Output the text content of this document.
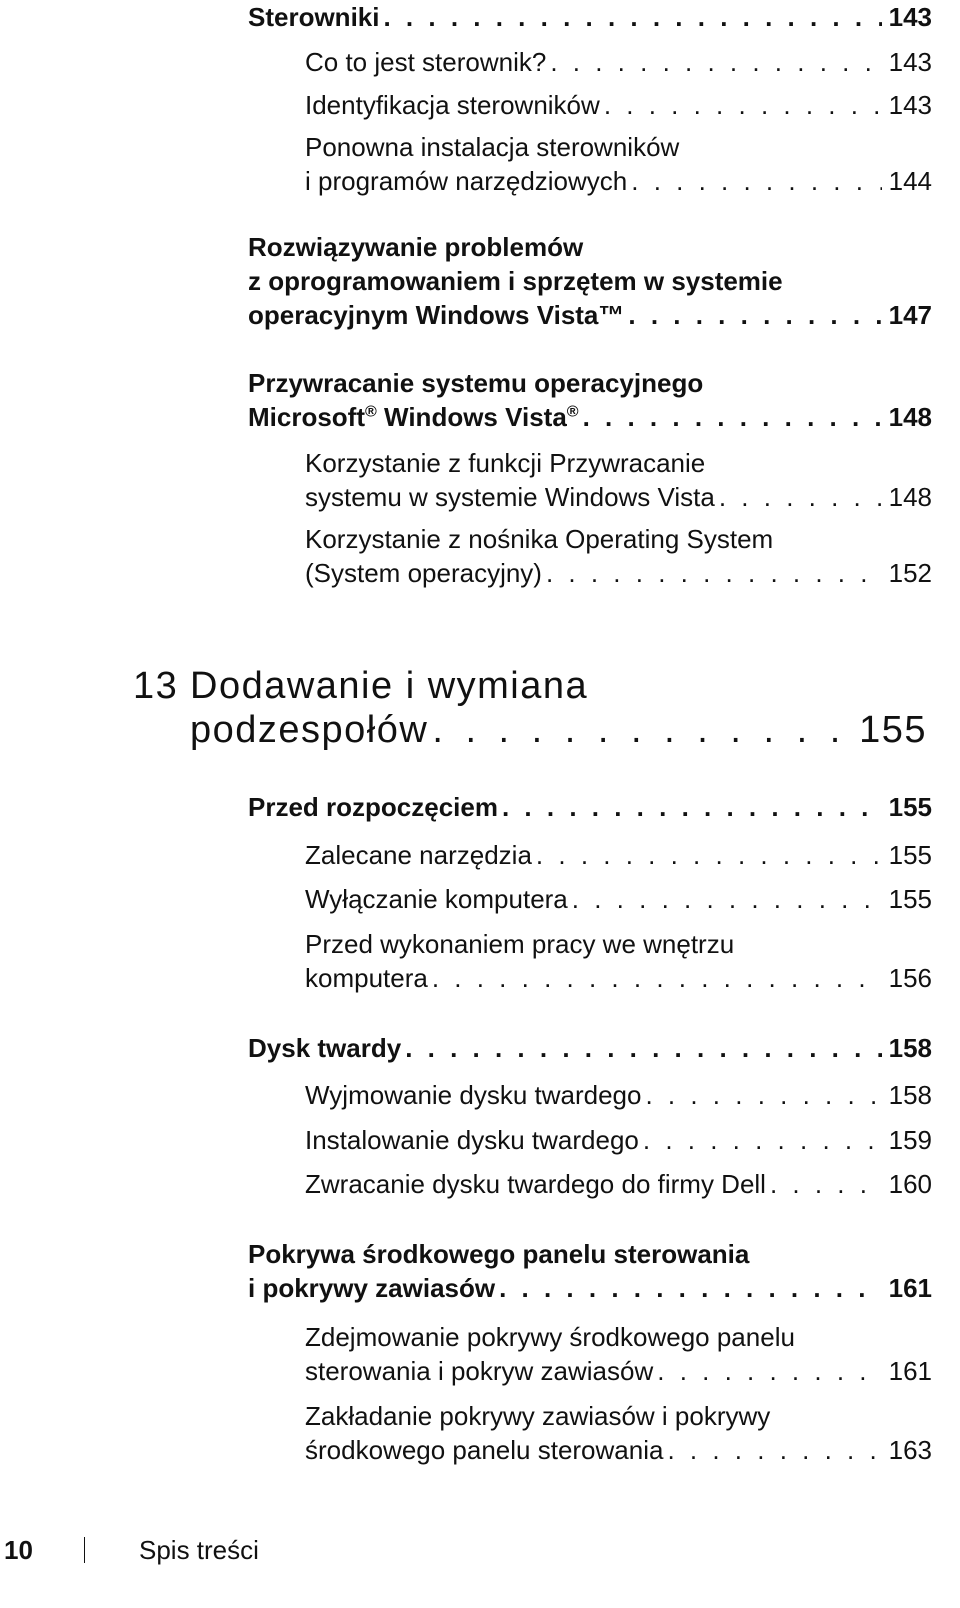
Sterowniki . . .	143
Co to jest sterownik? . . .	143
Identyfikacja sterowników . . .	143
Ponowna instalacja sterowników
i programów narzędziowych . . .	144
Rozwiązywanie problemów
z oprogramowaniem i sprzętem w systemie
operacyjnym Windows Vista™ . . .	147
Przywracanie systemu operacyjnego
Microsoft® Windows Vista® . . .	148
Korzystanie z funkcji Przywracanie
systemu w systemie Windows Vista . . .	148
Korzystanie z nośnika Operating System
(System operacyjny) . . .	152
13 Dodawanie i wymiana
podzespołów . . .	155
Przed rozpoczęciem . . .	155
Zalecane narzędzia . . .	155
Wyłączanie komputera . . .	155
Przed wykonaniem pracy we wnętrzu
komputera . . .	156
Dysk twardy . . .	158
Wyjmowanie dysku twardego . . .	158
Instalowanie dysku twardego . . .	159
Zwracanie dysku twardego do firmy Dell . . .	160
Pokrywa środkowego panelu sterowania
i pokrywy zawiasów . . .	161
Zdejmowanie pokrywy środkowego panelu
sterowania i pokryw zawiasów . . .	161
Zakładanie pokrywy zawiasów i pokrywy
środkowego panelu sterowania . . .	163
10	Spis treści
